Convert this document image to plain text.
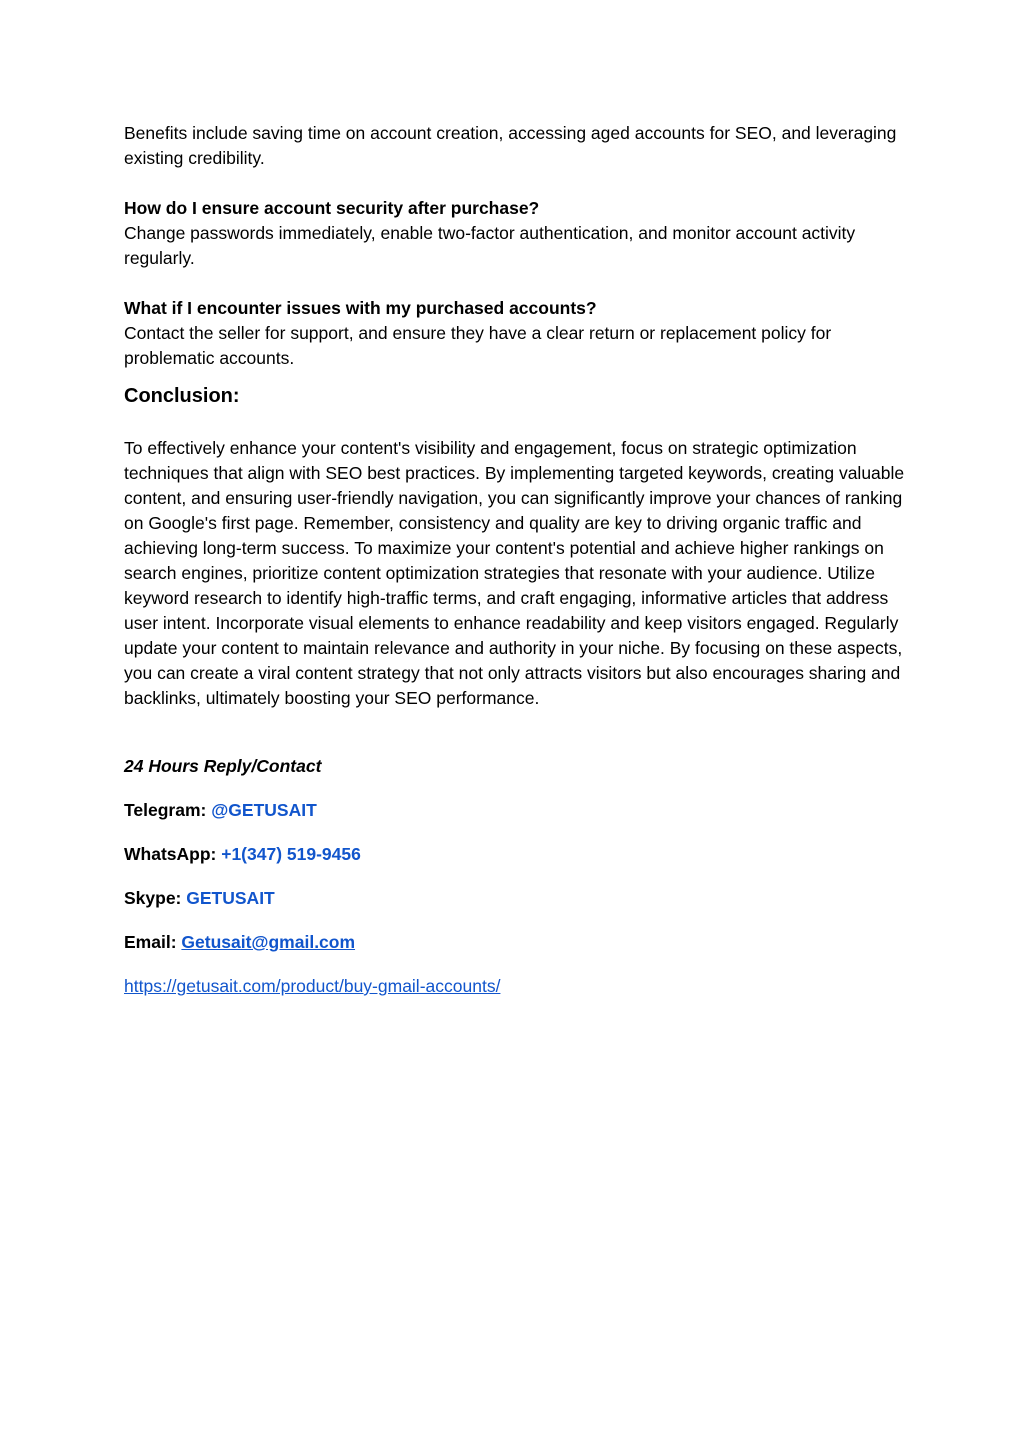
Benefits include saving time on account creation, accessing aged accounts for SEO, and leveraging existing credibility.

How do I ensure account security after purchase?

Change passwords immediately, enable two-factor authentication, and monitor account activity regularly.

What if I encounter issues with my purchased accounts?

Contact the seller for support, and ensure they have a clear return or replacement policy for problematic accounts.

Conclusion:

To effectively enhance your content's visibility and engagement, focus on strategic optimization techniques that align with SEO best practices. By implementing targeted keywords, creating valuable content, and ensuring user-friendly navigation, you can significantly improve your chances of ranking on Google's first page. Remember, consistency and quality are key to driving organic traffic and achieving long-term success. To maximize your content's potential and achieve higher rankings on search engines, prioritize content optimization strategies that resonate with your audience. Utilize keyword research to identify high-traffic terms, and craft engaging, informative articles that address user intent. Incorporate visual elements to enhance readability and keep visitors engaged. Regularly update your content to maintain relevance and authority in your niche. By focusing on these aspects, you can create a viral content strategy that not only attracts visitors but also encourages sharing and backlinks, ultimately boosting your SEO performance.

24 Hours Reply/Contact

Telegram: @GETUSAIT

WhatsApp: +1(347) 519-9456

Skype: GETUSAIT

Email: Getusait@gmail.com

https://getusait.com/product/buy-gmail-accounts/
